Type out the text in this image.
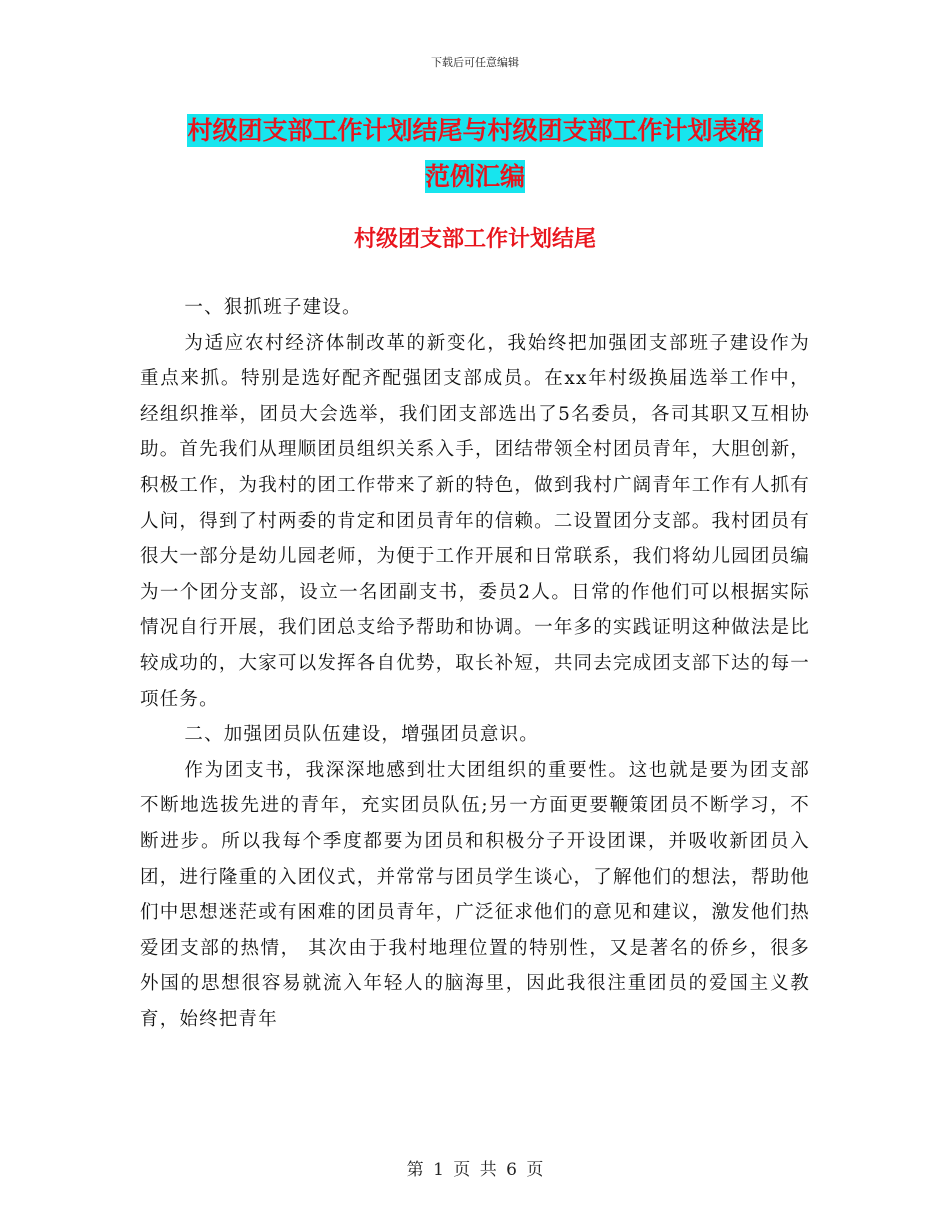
下载后可任意编辑
村级团支部工作计划结尾与村级团支部工作计划表格
范例汇编
村级团支部工作计划结尾

一、狠抓班子建设。

为适应农村经济体制改革的新变化，我始终把加强团支部班子建设作为重点来抓。特别是选好配齐配强团支部成员。在xx年村级换届选举工作中，经组织推举，团员大会选举，我们团支部选出了5名委员，各司其职又互相协助。首先我们从理顺团员组织关系入手，团结带领全村团员青年，大胆创新，积极工作，为我村的团工作带来了新的特色，做到我村广阔青年工作有人抓有人问，得到了村两委的肯定和团员青年的信赖。二设置团分支部。我村团员有很大一部分是幼儿园老师，为便于工作开展和日常联系，我们将幼儿园团员编为一个团分支部，设立一名团副支书，委员2人。日常的作他们可以根据实际情况自行开展，我们团总支给予帮助和协调。一年多的实践证明这种做法是比较成功的，大家可以发挥各自优势，取长补短，共同去完成团支部下达的每一项任务。

二、加强团员队伍建设，增强团员意识。

作为团支书，我深深地感到壮大团组织的重要性。这也就是要为团支部不断地选拔先进的青年，充实团员队伍;另一方面更要鞭策团员不断学习，不断进步。所以我每个季度都要为团员和积极分子开设团课，并吸收新团员入团，进行隆重的入团仪式，并常常与团员学生谈心，了解他们的想法，帮助他们中思想迷茫或有困难的团员青年，广泛征求他们的意见和建议，激发他们热爱团支部的热情， 其次由于我村地理位置的特别性，又是著名的侨乡，很多外国的思想很容易就流入年轻人的脑海里，因此我很注重团员的爱国主义教育，始终把青年

第 1 页 共 6 页
